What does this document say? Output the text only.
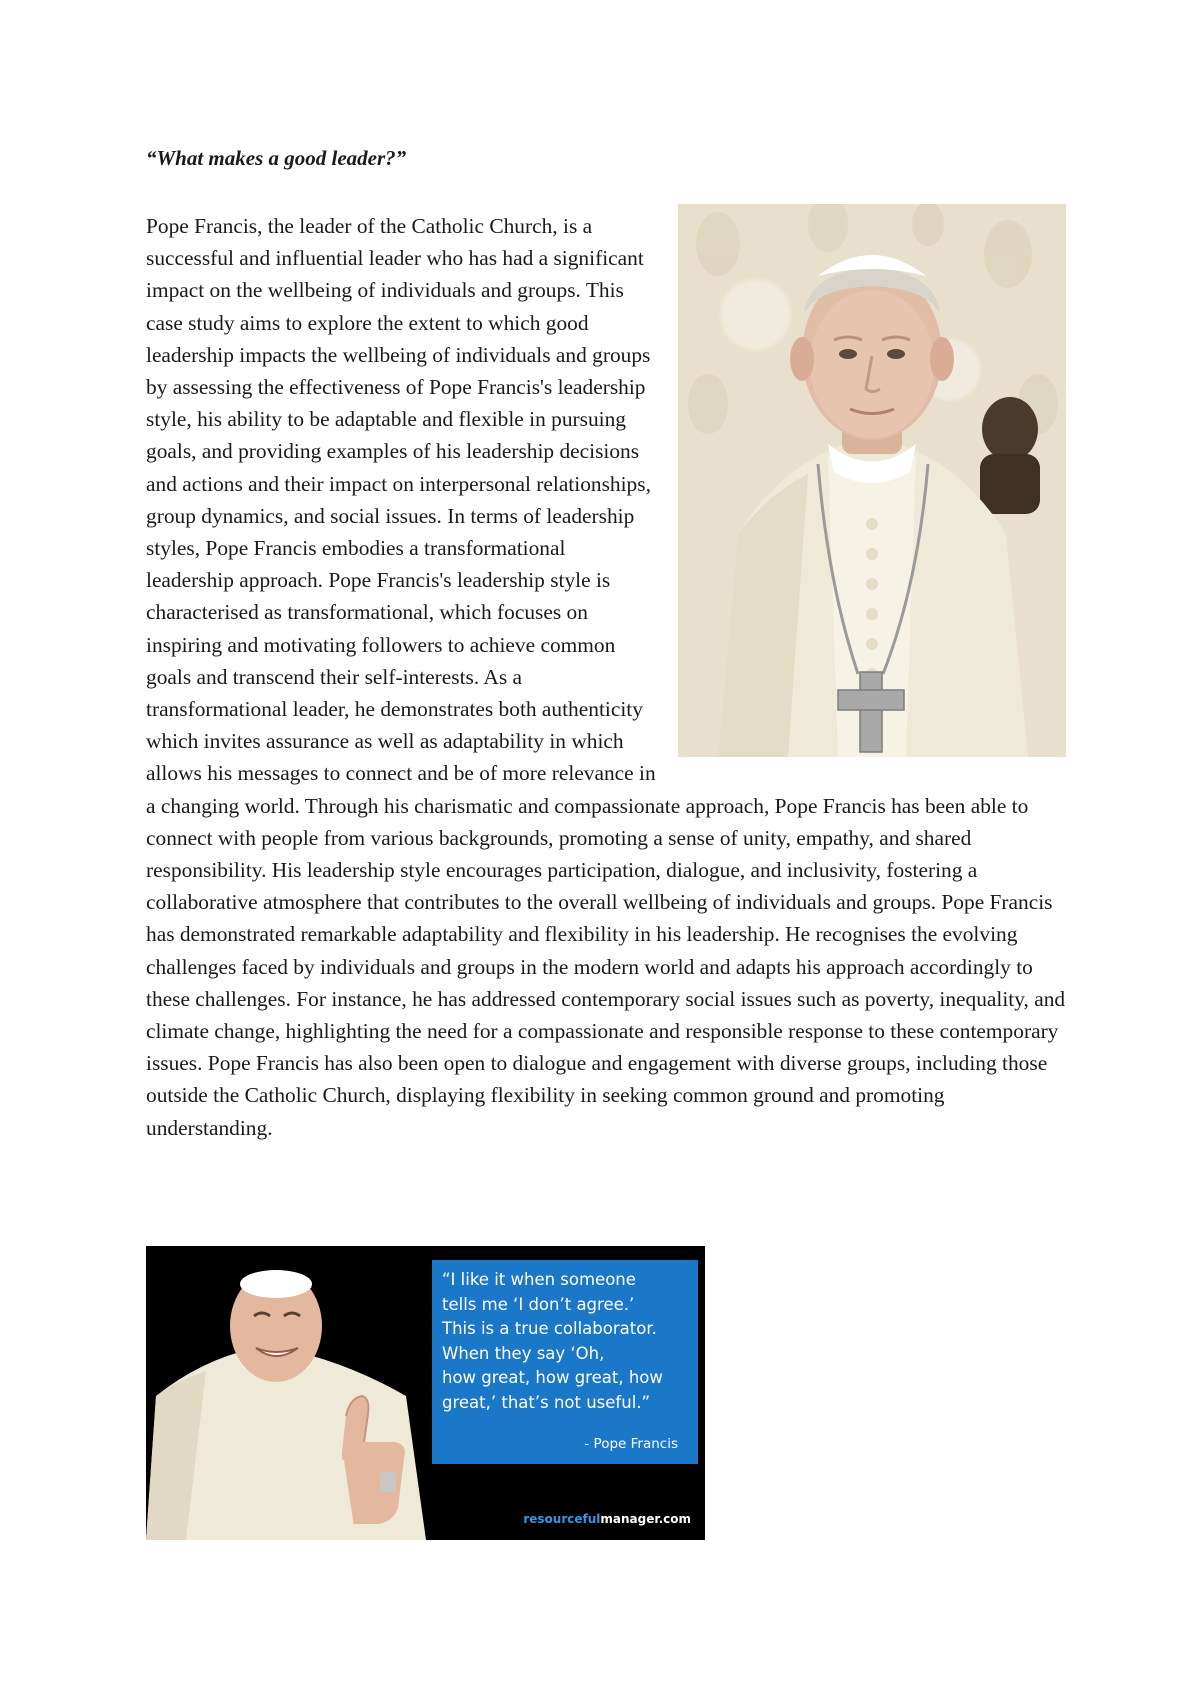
“What makes a good leader?”
Pope Francis, the leader of the Catholic Church, is a successful and influential leader who has had a significant impact on the wellbeing of individuals and groups. This case study aims to explore the extent to which good leadership impacts the wellbeing of individuals and groups by assessing the effectiveness of Pope Francis's leadership style, his ability to be adaptable and flexible in pursuing goals, and providing examples of his leadership decisions and actions and their impact on interpersonal relationships, group dynamics, and social issues. In terms of leadership styles, Pope Francis embodies a transformational leadership approach. Pope Francis's leadership style is characterised as transformational, which focuses on inspiring and motivating followers to achieve common goals and transcend their self-interests. As a transformational leader, he demonstrates both authenticity which invites assurance as well as adaptability in which allows his messages to connect and be of more relevance in a changing world. Through his charismatic and compassionate approach, Pope Francis has been able to connect with people from various backgrounds, promoting a sense of unity, empathy, and shared responsibility. His leadership style encourages participation, dialogue, and inclusivity, fostering a collaborative atmosphere that contributes to the overall wellbeing of individuals and groups. Pope Francis has demonstrated remarkable adaptability and flexibility in his leadership. He recognises the evolving challenges faced by individuals and groups in the modern world and adapts his approach accordingly to these challenges. For instance, he has addressed contemporary social issues such as poverty, inequality, and climate change, highlighting the need for a compassionate and responsible response to these contemporary issues. Pope Francis has also been open to dialogue and engagement with diverse groups, including those outside the Catholic Church, displaying flexibility in seeking common ground and promoting understanding.
“I like it when someone
tells me ‘I don’t agree.’
This is a true collaborator.
When they say ‘Oh,
how great, how great, how
great,’ that’s not useful.”
- Pope Francis
resourcefulmanager.com
